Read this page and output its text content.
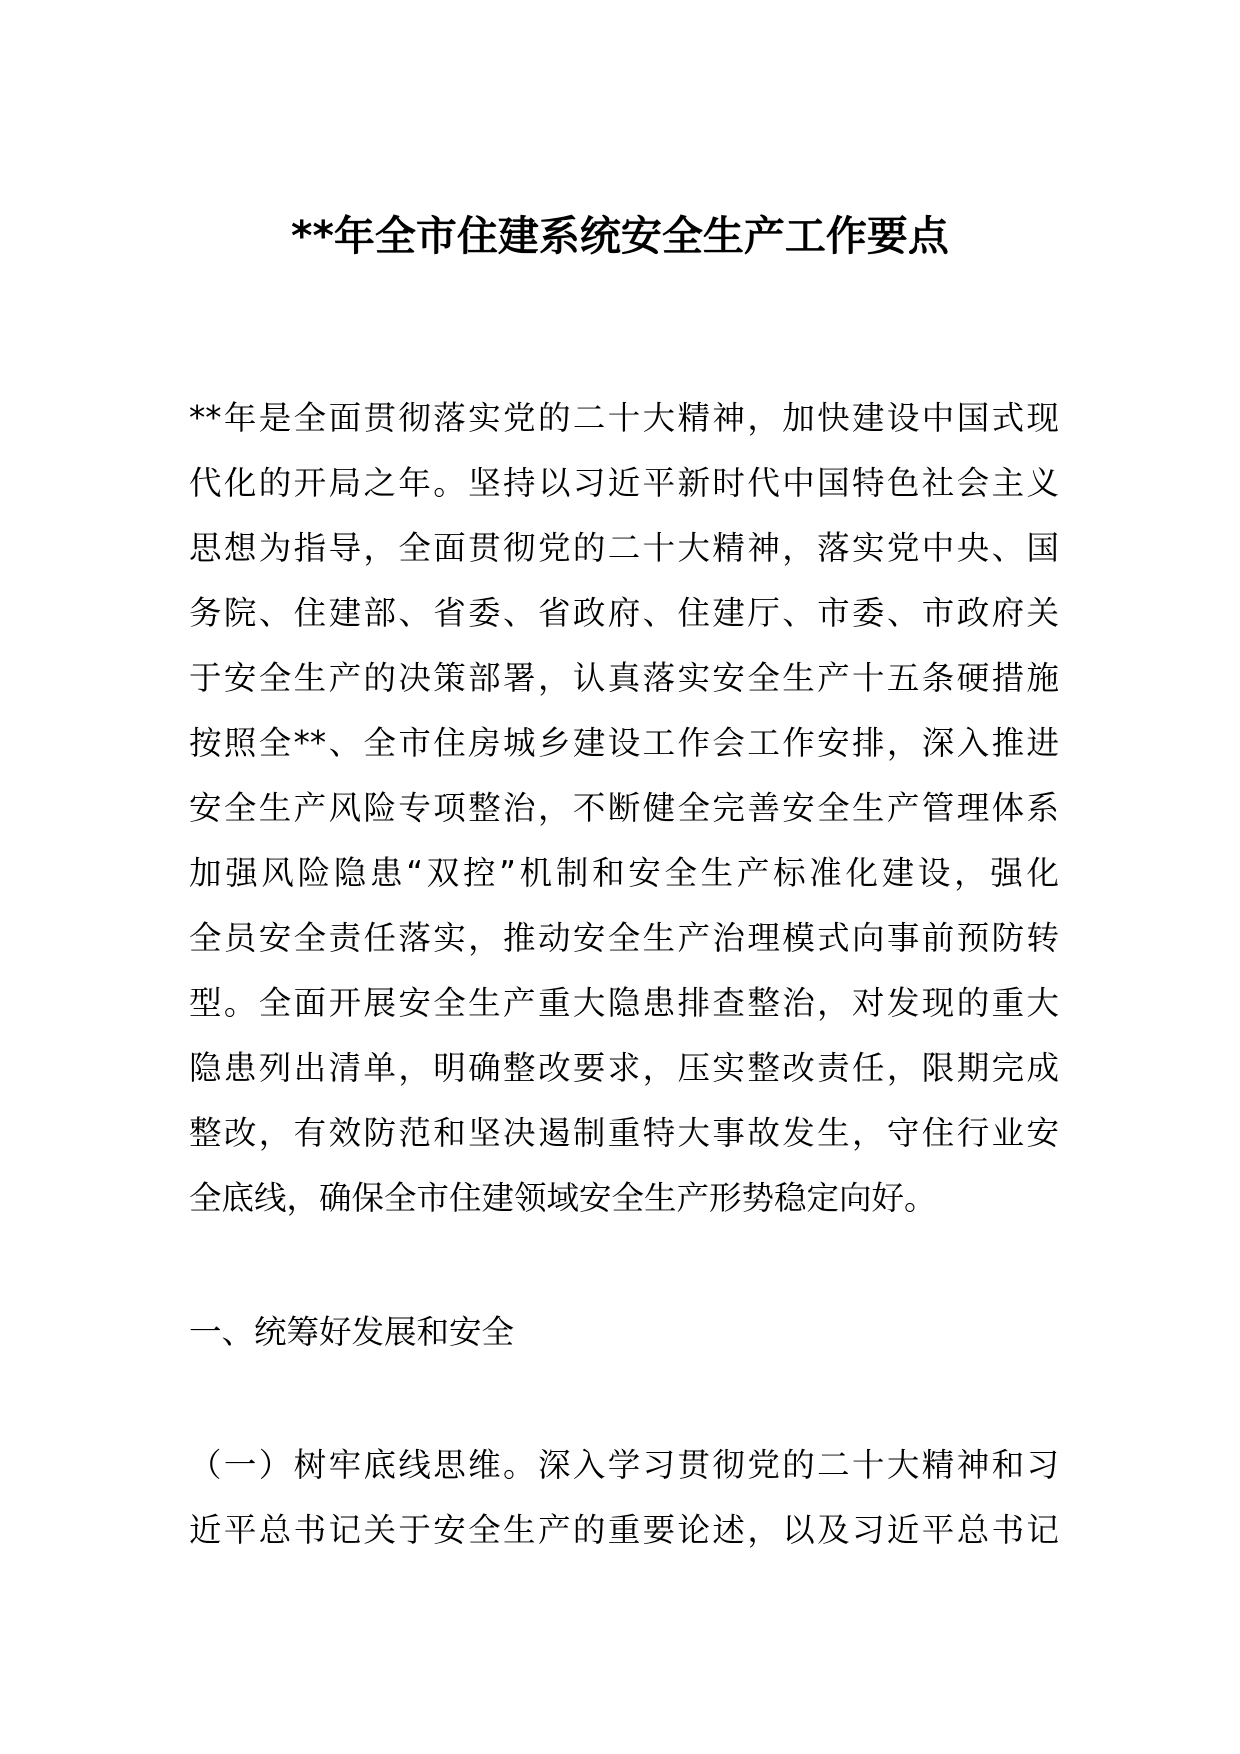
**年全市住建系统安全生产工作要点
**年是全面贯彻落实党的二十大精神，加快建设中国式现
代化的开局之年。坚持以习近平新时代中国特色社会主义
思想为指导，全面贯彻党的二十大精神，落实党中央、国
务院、住建部、省委、省政府、住建厅、市委、市政府关
于安全生产的决策部署，认真落实安全生产十五条硬措施
按照全**、全市住房城乡建设工作会工作安排，深入推进
安全生产风险专项整治，不断健全完善安全生产管理体系
加强风险隐患“双控”机制和安全生产标准化建设，强化
全员安全责任落实，推动安全生产治理模式向事前预防转
型。全面开展安全生产重大隐患排查整治，对发现的重大
隐患列出清单，明确整改要求，压实整改责任，限期完成
整改，有效防范和坚决遏制重特大事故发生，守住行业安
全底线，确保全市住建领域安全生产形势稳定向好。
一、统筹好发展和安全
（一）树牢底线思维。深入学习贯彻党的二十大精神和习
近平总书记关于安全生产的重要论述，以及习近平总书记
